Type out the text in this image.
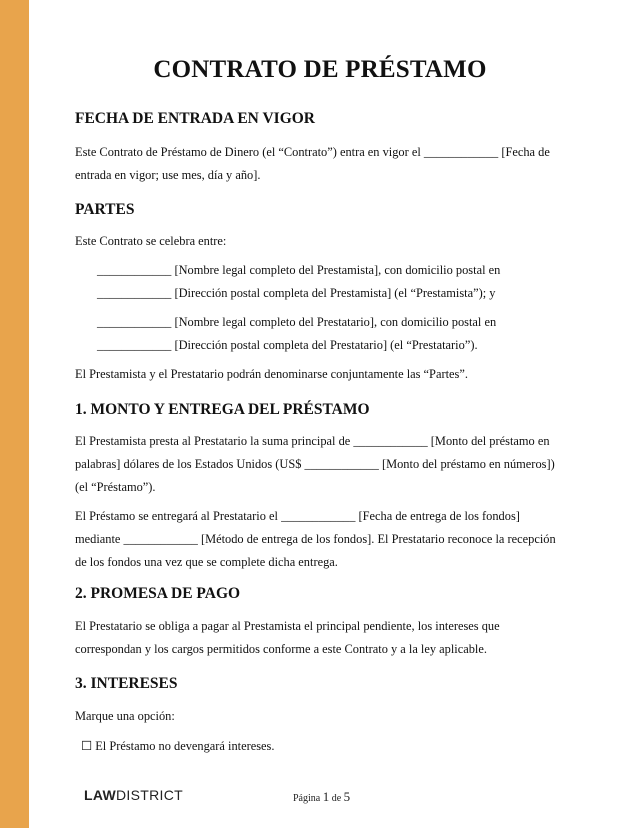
CONTRATO DE PRÉSTAMO
FECHA DE ENTRADA EN VIGOR
Este Contrato de Préstamo de Dinero (el “Contrato”) entra en vigor el ____________ [Fecha de
entrada en vigor; use mes, día y año].
PARTES
Este Contrato se celebra entre:
____________ [Nombre legal completo del Prestamista], con domicilio postal en
____________ [Dirección postal completa del Prestamista] (el “Prestamista”); y
____________ [Nombre legal completo del Prestatario], con domicilio postal en
____________ [Dirección postal completa del Prestatario] (el “Prestatario”).
El Prestamista y el Prestatario podrán denominarse conjuntamente las “Partes”.
1. MONTO Y ENTREGA DEL PRÉSTAMO
El Prestamista presta al Prestatario la suma principal de ____________ [Monto del préstamo en
palabras] dólares de los Estados Unidos (US$ ____________ [Monto del préstamo en números])
(el “Préstamo”).
El Préstamo se entregará al Prestatario el ____________ [Fecha de entrega de los fondos]
mediante ____________ [Método de entrega de los fondos]. El Prestatario reconoce la recepción
de los fondos una vez que se complete dicha entrega.
2. PROMESA DE PAGO
El Prestatario se obliga a pagar al Prestamista el principal pendiente, los intereses que
correspondan y los cargos permitidos conforme a este Contrato y a la ley aplicable.
3. INTERESES
Marque una opción:
☐ El Préstamo no devengará intereses.
LAWDISTRICT	Página 1 de 5
